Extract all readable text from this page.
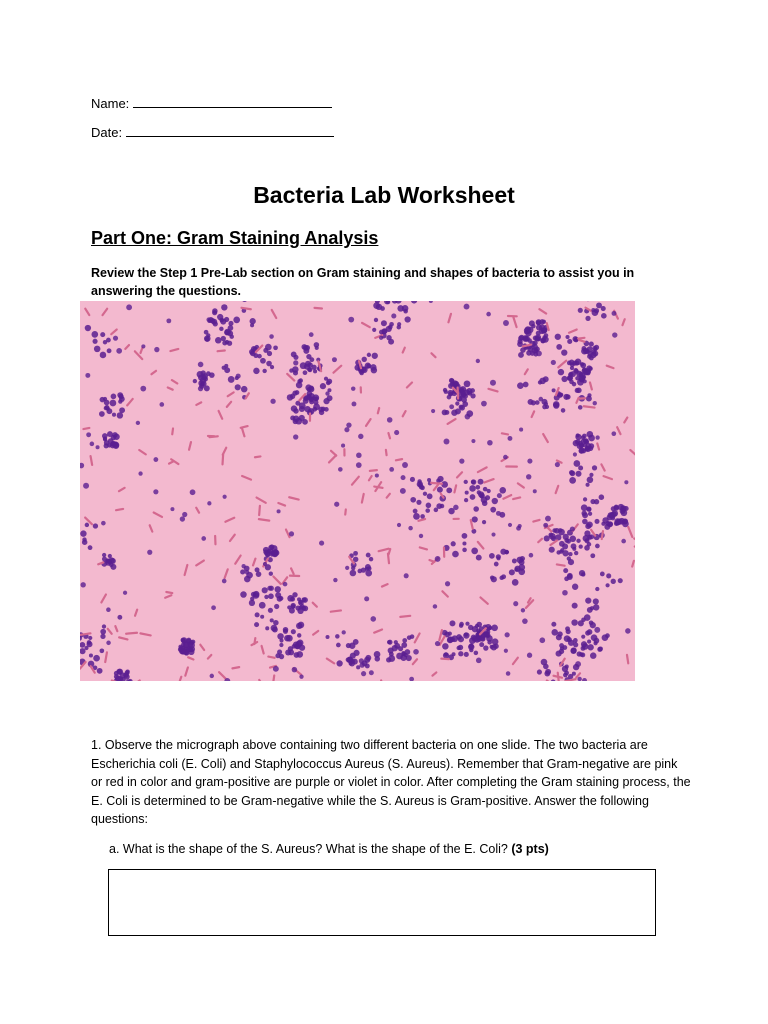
Name:
Date:
Bacteria Lab Worksheet
Part One: Gram Staining Analysis
Review the Step 1 Pre-Lab section on Gram staining and shapes of bacteria to assist you in answering the questions.
1. Observe the micrograph above containing two different bacteria on one slide. The two bacteria are Escherichia coli (E. Coli) and Staphylococcus Aureus (S. Aureus). Remember that Gram-negative are pink or red in color and gram-positive are purple or violet in color. After completing the Gram staining process, the E. Coli is determined to be Gram-negative while the S. Aureus is Gram-positive. Answer the following questions:
a. What is the shape of the S. Aureus? What is the shape of the E. Coli? (3 pts)
